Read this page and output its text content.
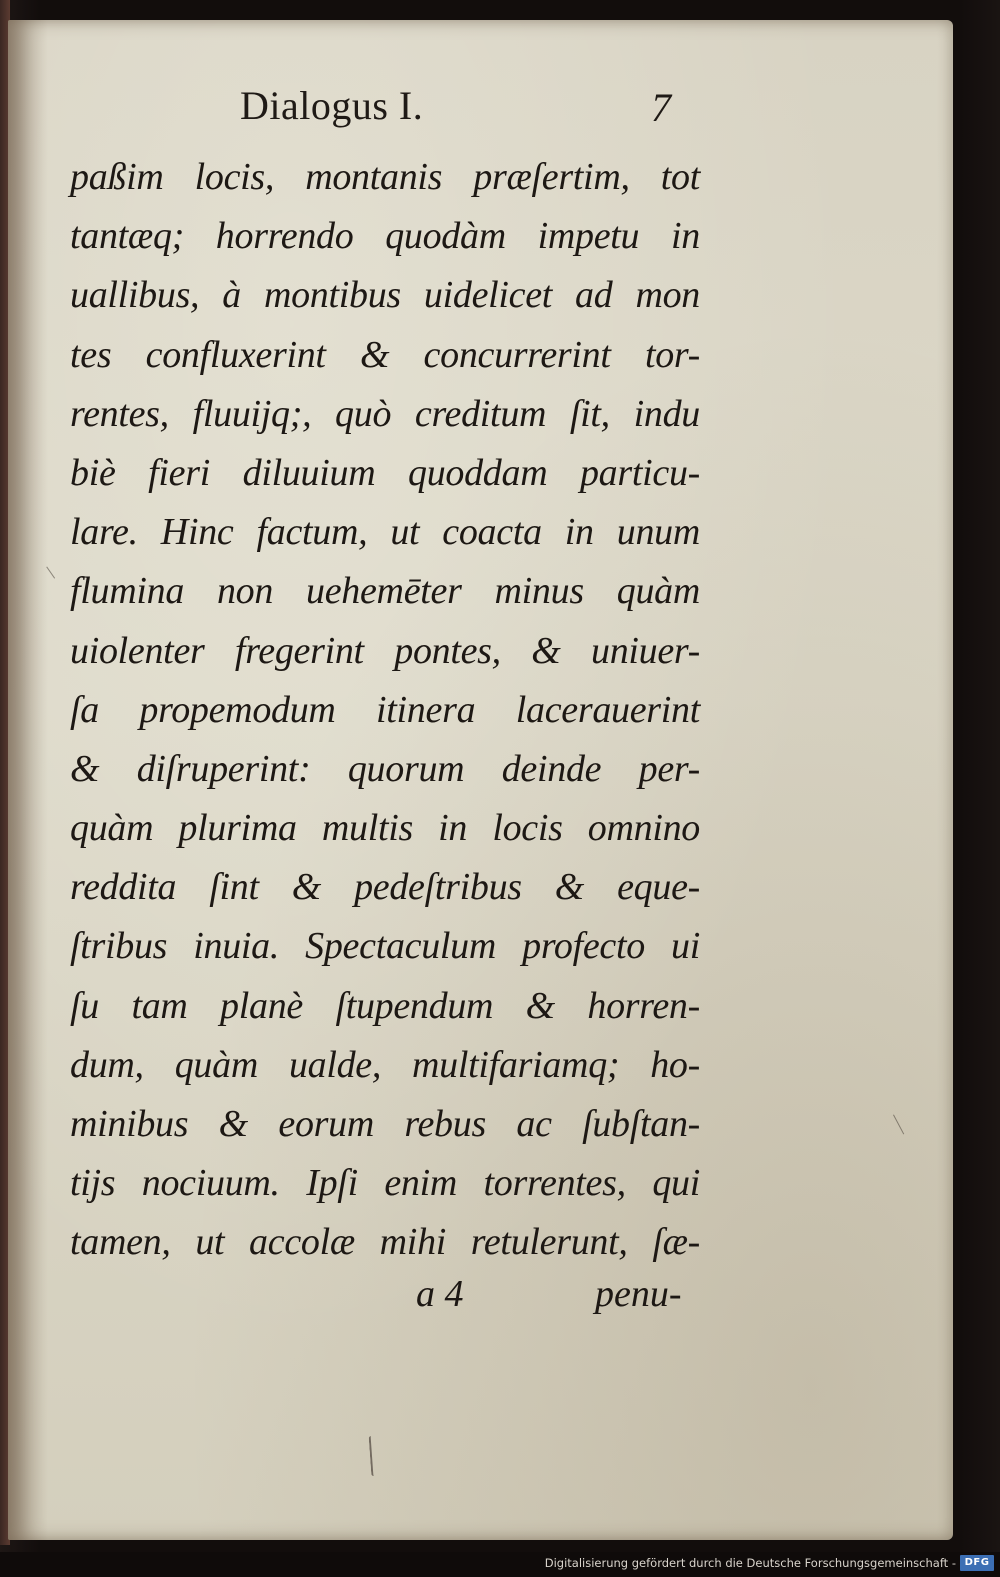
Dialogus I.	7
paßim locis, montanis præſertim, tot
tantæq; horrendo quodàm impetu in
uallibus, à montibus uidelicet ad mon
tes confluxerint & concurrerint tor-
rentes, fluuijq;, quò creditum ſit, indu
biè fieri diluuium quoddam particu-
lare. Hinc factum, ut coacta in unum
flumina non uehemēter minus quàm
uiolenter fregerint pontes, & uniuer-
ſa propemodum itinera lacerauerint
& diſruperint: quorum deinde per-
quàm plurima multis in locis omnino
reddita ſint & pedeſtribus & eque-
ſtribus inuia. Spectaculum profecto ui
ſu tam planè ſtupendum & horren-
dum, quàm ualde, multifariamq; ho-
minibus & eorum rebus ac ſubſtan-
tijs nociuum. Ipſi enim torrentes, qui
tamen, ut accolæ mihi retulerunt, ſæ-
a 4	penu-
Digitalisierung gefördert durch die Deutsche Forschungsgemeinschaft - DFG
